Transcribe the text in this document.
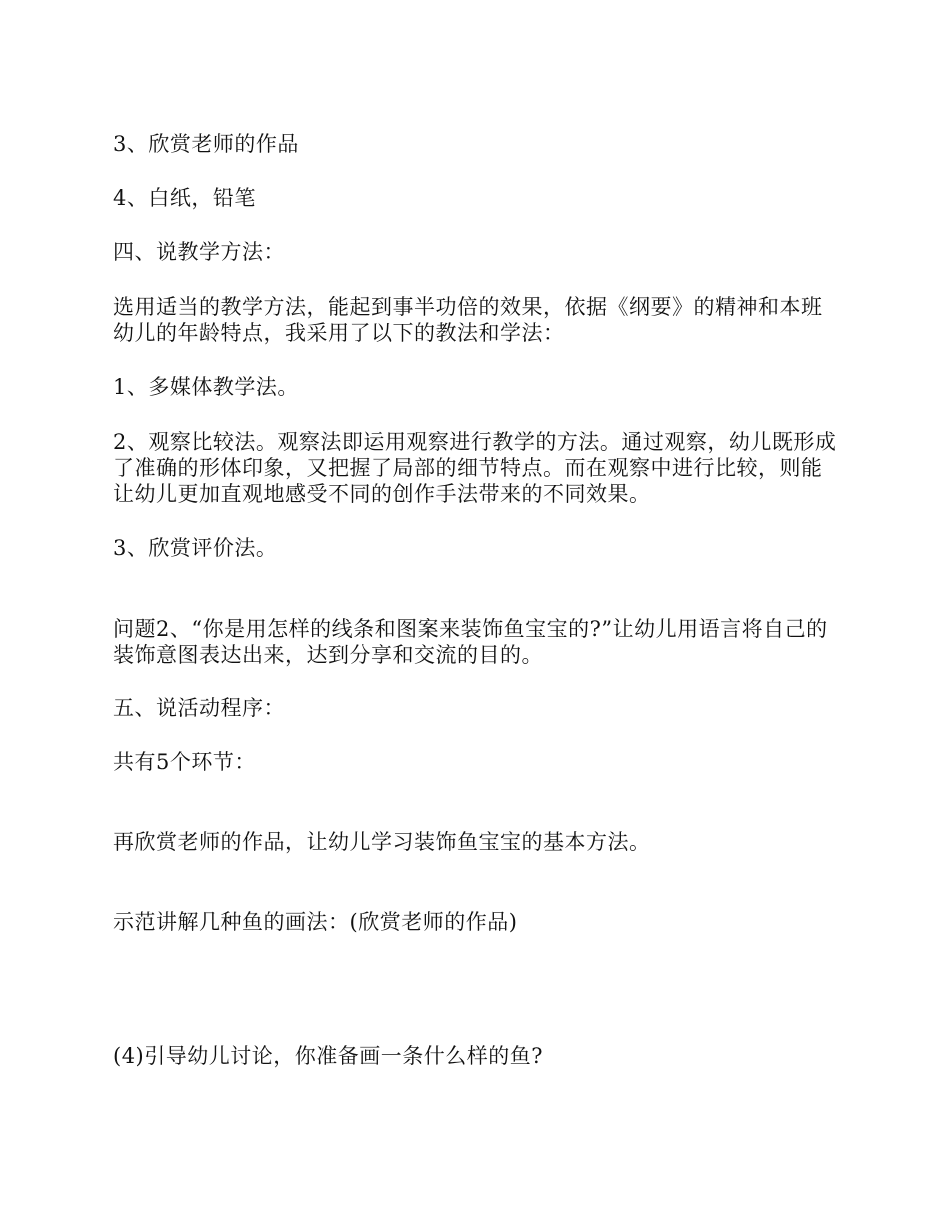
3、欣赏老师的作品

4、白纸，铅笔

四、说教学方法：

选用适当的教学方法，能起到事半功倍的效果，依据《纲要》的精神和本班幼儿的年龄特点，我采用了以下的教法和学法：

1、多媒体教学法。

2、观察比较法。观察法即运用观察进行教学的方法。通过观察，幼儿既形成了准确的形体印象，又把握了局部的细节特点。而在观察中进行比较，则能让幼儿更加直观地感受不同的创作手法带来的不同效果。

3、欣赏评价法。

问题2、“你是用怎样的线条和图案来装饰鱼宝宝的?”让幼儿用语言将自己的装饰意图表达出来，达到分享和交流的目的。

五、说活动程序：

共有5个环节：

再欣赏老师的作品，让幼儿学习装饰鱼宝宝的基本方法。

示范讲解几种鱼的画法：(欣赏老师的作品)

(4)引导幼儿讨论，你准备画一条什么样的鱼?
